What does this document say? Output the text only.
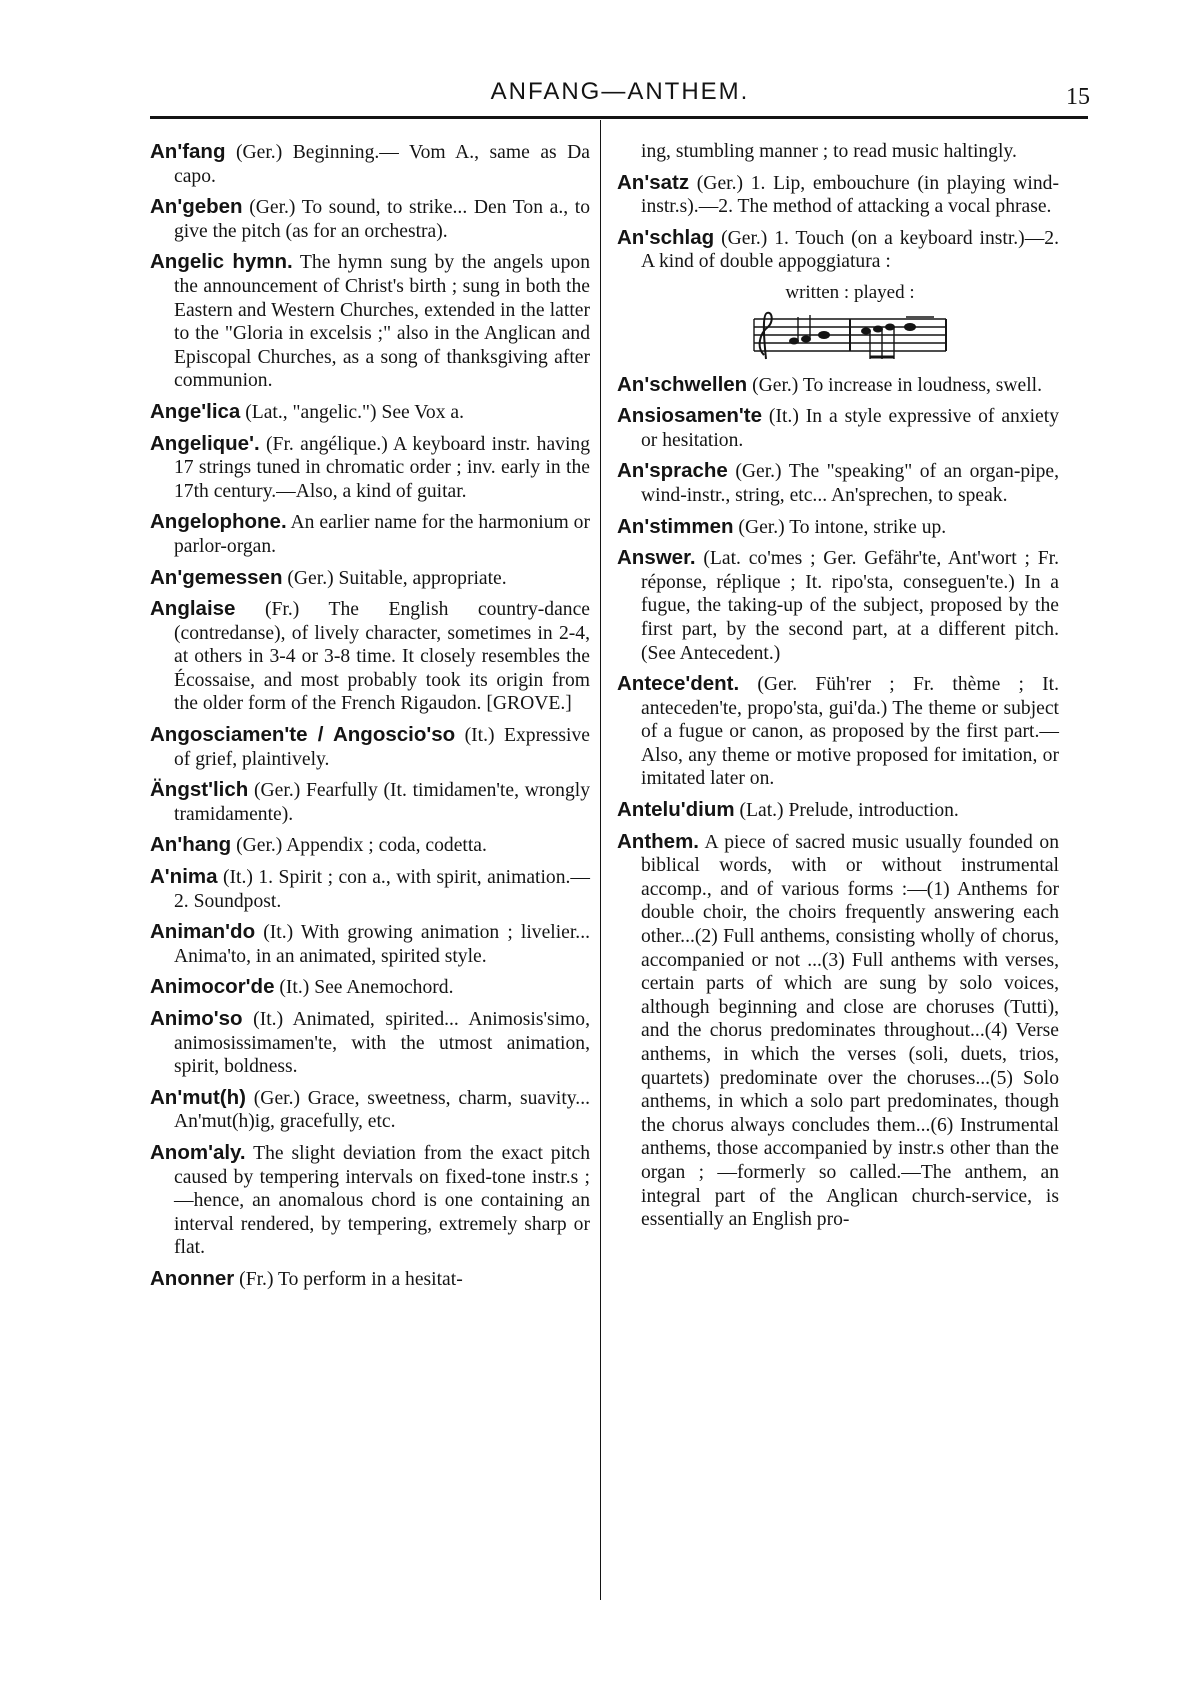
ANFANG—ANTHEM.	15

An'fang (Ger.) Beginning.— Vom A., same as Da capo.

An'geben (Ger.) To sound, to strike... Den Ton a., to give the pitch (as for an orchestra).

Angelic hymn. The hymn sung by the angels upon the announcement of Christ's birth ; sung in both the Eastern and Western Churches, extended in the latter to the "Gloria in excelsis ;" also in the Anglican and Episcopal Churches, as a song of thanksgiving after communion.

Ange'lica (Lat., "angelic.") See Vox a.

Angelique'. (Fr. angélique.) A keyboard instr. having 17 strings tuned in chromatic order ; inv. early in the 17th century.—Also, a kind of guitar.

Angelophone. An earlier name for the harmonium or parlor-organ.

An'gemessen (Ger.) Suitable, appropriate.

Anglaise (Fr.) The English country-dance (contredanse), of lively character, sometimes in 2-4, at others in 3-4 or 3-8 time. It closely resembles the Écossaise, and most probably took its origin from the older form of the French Rigaudon. [GROVE.]

Angosciamen'te / Angoscio'so (It.) Expressive of grief, plaintively.

Ängst'lich (Ger.) Fearfully (It. timidamen'te, wrongly tramidamente).

An'hang (Ger.) Appendix ; coda, codetta.

A'nima (It.) 1. Spirit ; con a., with spirit, animation.—2. Soundpost.

Animan'do (It.) With growing animation ; livelier... Anima'to, in an animated, spirited style.

Animocor'de (It.) See Anemochord.

Animo'so (It.) Animated, spirited... Animosis'simo, animosissimamen'te, with the utmost animation, spirit, boldness.

An'mut(h) (Ger.) Grace, sweetness, charm, suavity... An'mut(h)ig, gracefully, etc.

Anom'aly. The slight deviation from the exact pitch caused by tempering intervals on fixed-tone instr.s ;—hence, an anomalous chord is one containing an interval rendered, by tempering, extremely sharp or flat.

Anonner (Fr.) To perform in a hesitat-

ing, stumbling manner ; to read music haltingly.

An'satz (Ger.) 1. Lip, embouchure (in playing wind-instr.s).—2. The method of attacking a vocal phrase.

An'schlag (Ger.) 1. Touch (on a keyboard instr.)—2. A kind of double appoggiatura :

written : played :

An'schwellen (Ger.) To increase in loudness, swell.

Ansiosamen'te (It.) In a style expressive of anxiety or hesitation.

An'sprache (Ger.) The "speaking" of an organ-pipe, wind-instr., string, etc... An'sprechen, to speak.

An'stimmen (Ger.) To intone, strike up.

Answer. (Lat. co'mes ; Ger. Gefähr'te, Ant'wort ; Fr. réponse, réplique ; It. ripo'sta, conseguen'te.) In a fugue, the taking-up of the subject, proposed by the first part, by the second part, at a different pitch. (See Antecedent.)

Antece'dent. (Ger. Füh'rer ; Fr. thème ; It. anteceden'te, propo'sta, gui'da.) The theme or subject of a fugue or canon, as proposed by the first part.—Also, any theme or motive proposed for imitation, or imitated later on.

Antelu'dium (Lat.) Prelude, introduction.

Anthem. A piece of sacred music usually founded on biblical words, with or without instrumental accomp., and of various forms :—(1) Anthems for double choir, the choirs frequently answering each other...(2) Full anthems, consisting wholly of chorus, accompanied or not ...(3) Full anthems with verses, certain parts of which are sung by solo voices, although beginning and close are choruses (Tutti), and the chorus predominates throughout...(4) Verse anthems, in which the verses (soli, duets, trios, quartets) predominate over the choruses...(5) Solo anthems, in which a solo part predominates, though the chorus always concludes them...(6) Instrumental anthems, those accompanied by instr.s other than the organ ; —formerly so called.—The anthem, an integral part of the Anglican church-service, is essentially an English pro-
